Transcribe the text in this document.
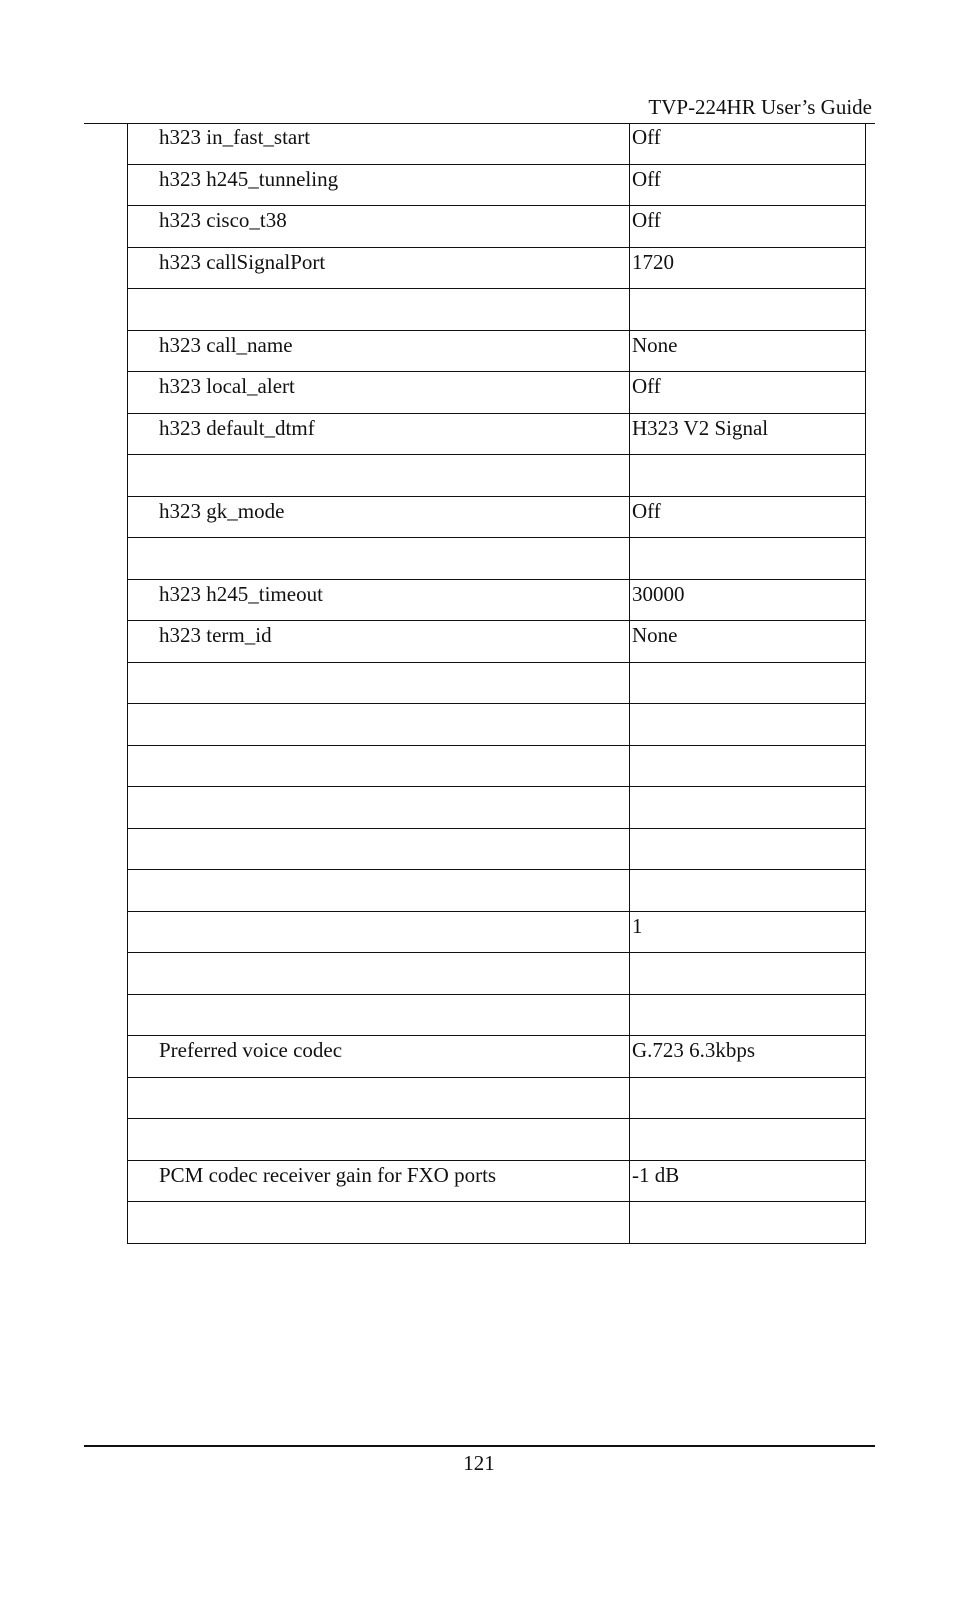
TVP-224HR User’s Guide
h323 in_fast_start	Off
h323 h245_tunneling	Off
h323 cisco_t38	Off
h323 callSignalPort	1720

h323 call_name	None
h323 local_alert	Off
h323 default_dtmf	H323 V2 Signal

h323 gk_mode	Off

h323 h245_timeout	30000
h323 term_id	None

	1

Preferred voice codec	G.723 6.3kbps

PCM codec receiver gain for FXO ports	-1 dB

121
